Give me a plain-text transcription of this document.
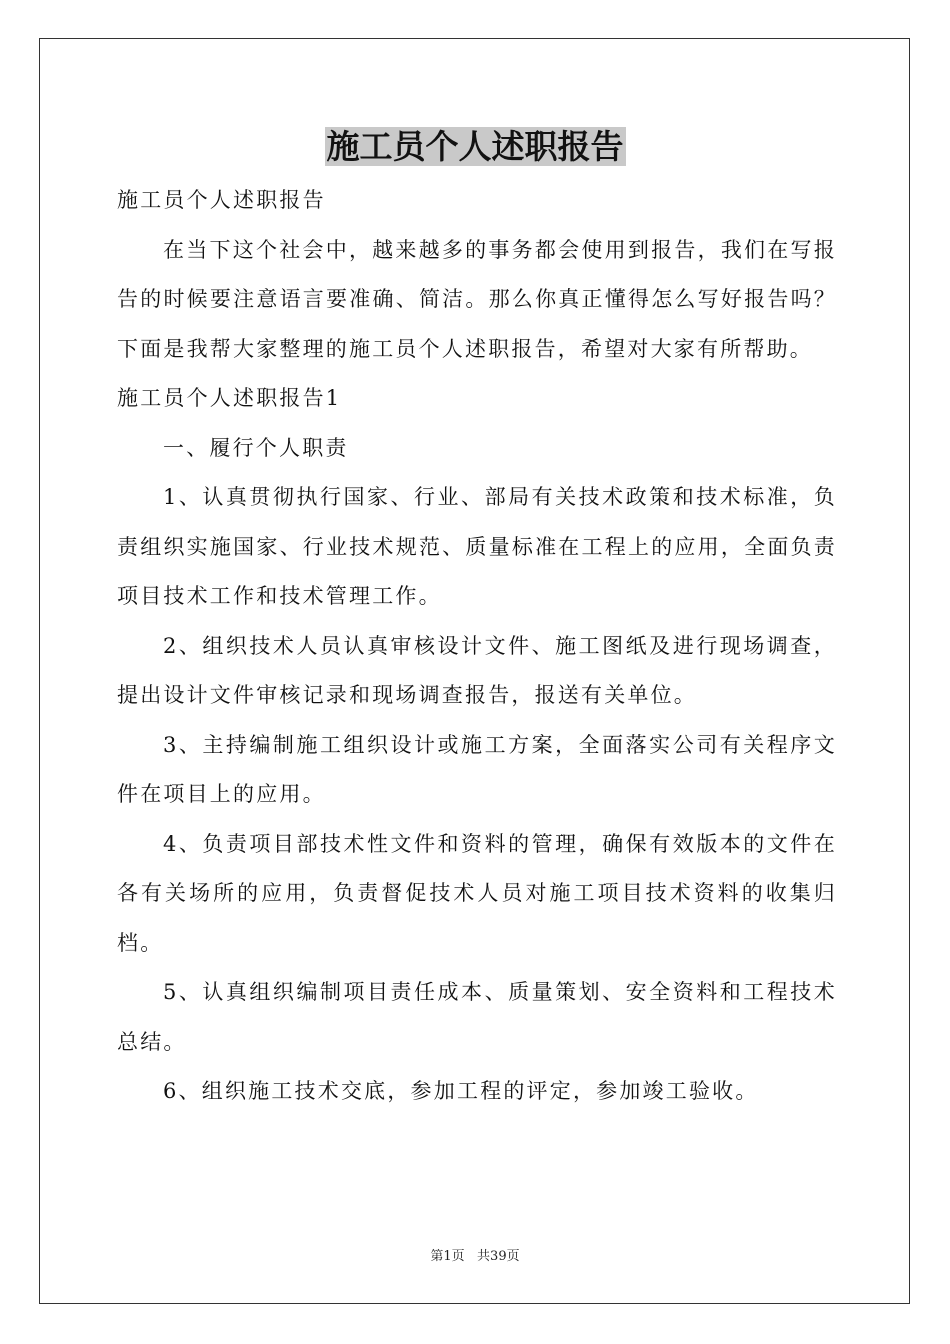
施工员个人述职报告

施工员个人述职报告

在当下这个社会中，越来越多的事务都会使用到报告，我们在写报告的时候要注意语言要准确、简洁。那么你真正懂得怎么写好报告吗？下面是我帮大家整理的施工员个人述职报告，希望对大家有所帮助。

施工员个人述职报告1

一、履行个人职责

1、认真贯彻执行国家、行业、部局有关技术政策和技术标准，负责组织实施国家、行业技术规范、质量标准在工程上的应用，全面负责项目技术工作和技术管理工作。

2、组织技术人员认真审核设计文件、施工图纸及进行现场调查，提出设计文件审核记录和现场调查报告，报送有关单位。

3、主持编制施工组织设计或施工方案，全面落实公司有关程序文件在项目上的应用。

4、负责项目部技术性文件和资料的管理，确保有效版本的文件在各有关场所的应用，负责督促技术人员对施工项目技术资料的收集归档。

5、认真组织编制项目责任成本、质量策划、安全资料和工程技术总结。

6、组织施工技术交底，参加工程的评定，参加竣工验收。

第1页   共39页
